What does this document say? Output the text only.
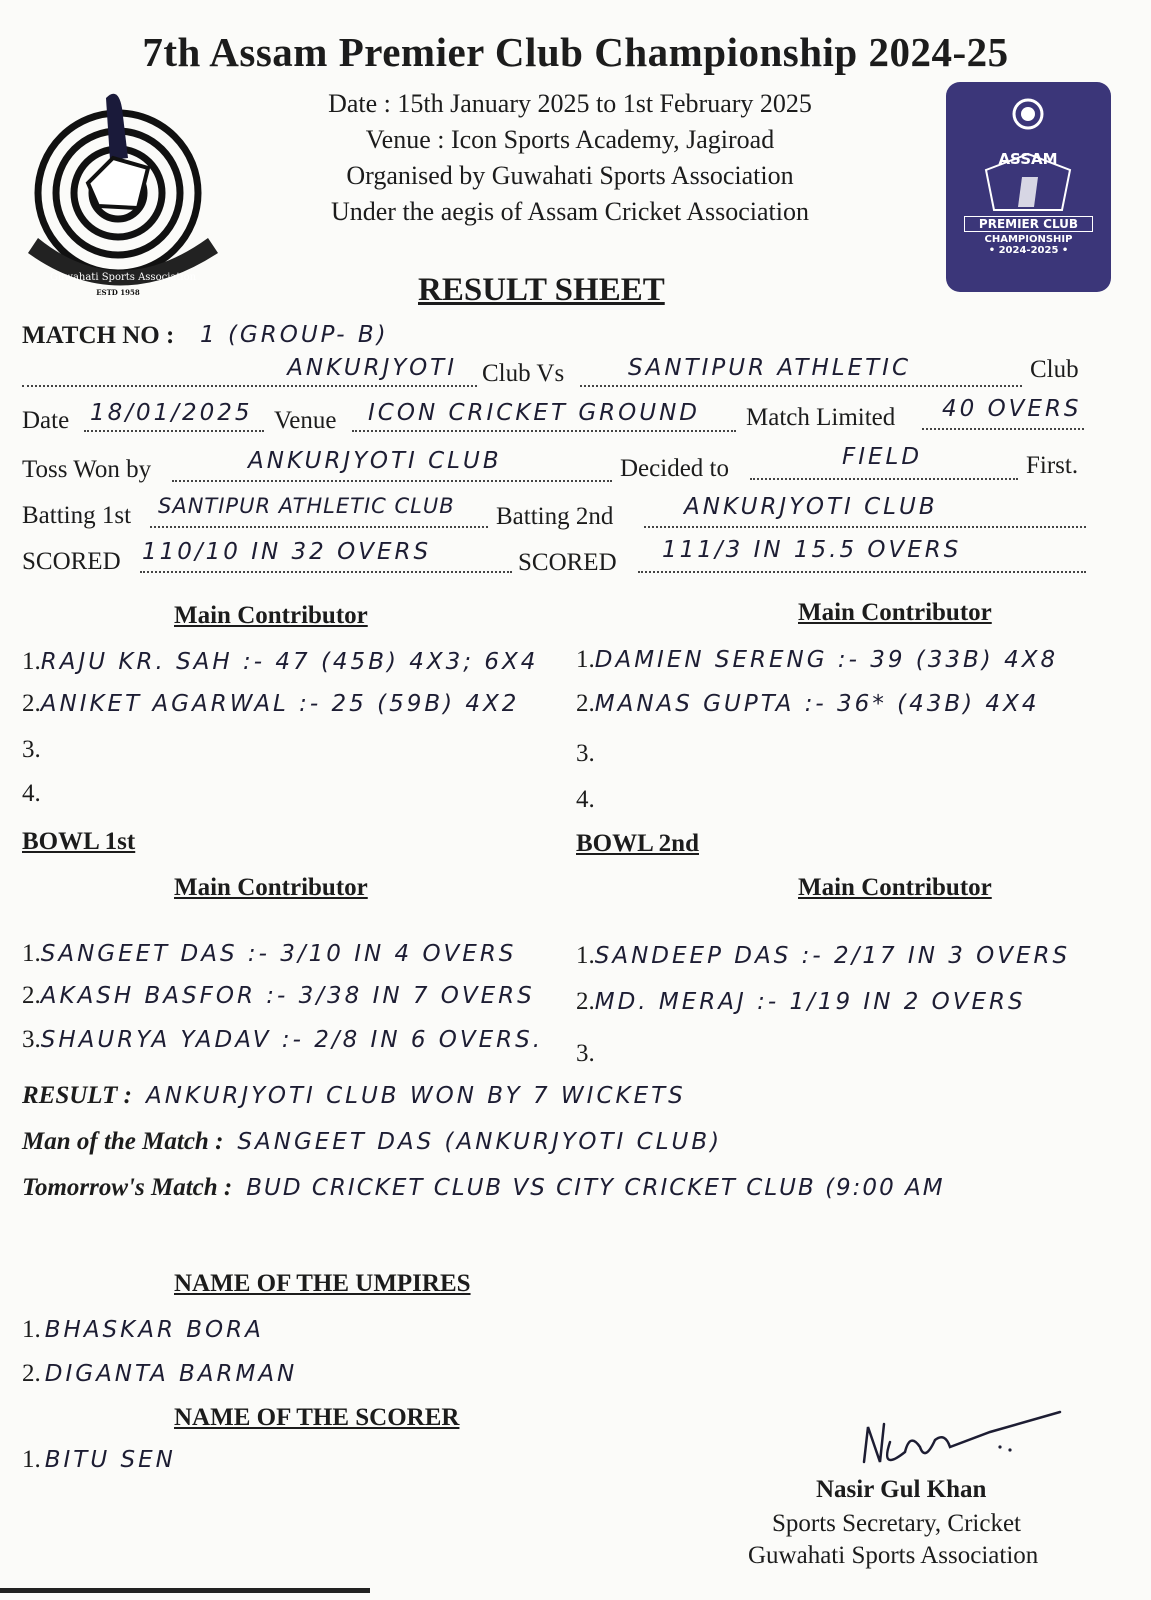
7th Assam Premier Club Championship 2024-25
Date : 15th January 2025 to 1st February 2025
Venue : Icon Sports Academy, Jagiroad
Organised by Guwahati Sports Association
Under the aegis of Assam Cricket Association
Guwahati Sports Association
ESTD 1958
ASSAM
PREMIER CLUB
CHAMPIONSHIP
• 2024-2025 •
RESULT SHEET
MATCH NO : 1 (GROUP- B)
ANKURJYOTI Club Vs	SANTIPUR ATHLETIC	Club
Date 18/01/2025 Venue ICON CRICKET GROUND Match Limited 40 OVERS
Toss Won by	ANKURJYOTI CLUB	Decided to	FIELD	First.
Batting 1st SANTIPUR ATHLETIC CLUB Batting 2nd	ANKURJYOTI CLUB
SCORED 110/10 IN 32 OVERS	SCORED 111/3 IN 15.5 OVERS
Main Contributor	Main Contributor
1.RAJU KR. SAH :- 47 (45B) 4X3; 6X4
2.ANIKET AGARWAL :- 25 (59B) 4X2
3.
4.
1.DAMIEN SERENG :- 39 (33B) 4X8
2.MANAS GUPTA :- 36* (43B) 4X4
3.
4.
BOWL 1st	BOWL 2nd
Main Contributor	Main Contributor
1.SANGEET DAS :- 3/10 IN 4 OVERS
2.AKASH BASFOR :- 3/38 IN 7 OVERS
3.SHAURYA YADAV :- 2/8 IN 6 OVERS.
1.SANDEEP DAS :- 2/17 IN 3 OVERS
2.MD. MERAJ :- 1/19 IN 2 OVERS
3.
RESULT : ANKURJYOTI CLUB WON BY 7 WICKETS
Man of the Match : SANGEET DAS (ANKURJYOTI CLUB)
Tomorrow's Match : BUD CRICKET CLUB VS CITY CRICKET CLUB (9:00 AM
NAME OF THE UMPIRES
1. BHASKAR BORA
2. DIGANTA BARMAN
NAME OF THE SCORER
1. BITU SEN
Nasir Gul Khan
Sports Secretary, Cricket
Guwahati Sports Association
